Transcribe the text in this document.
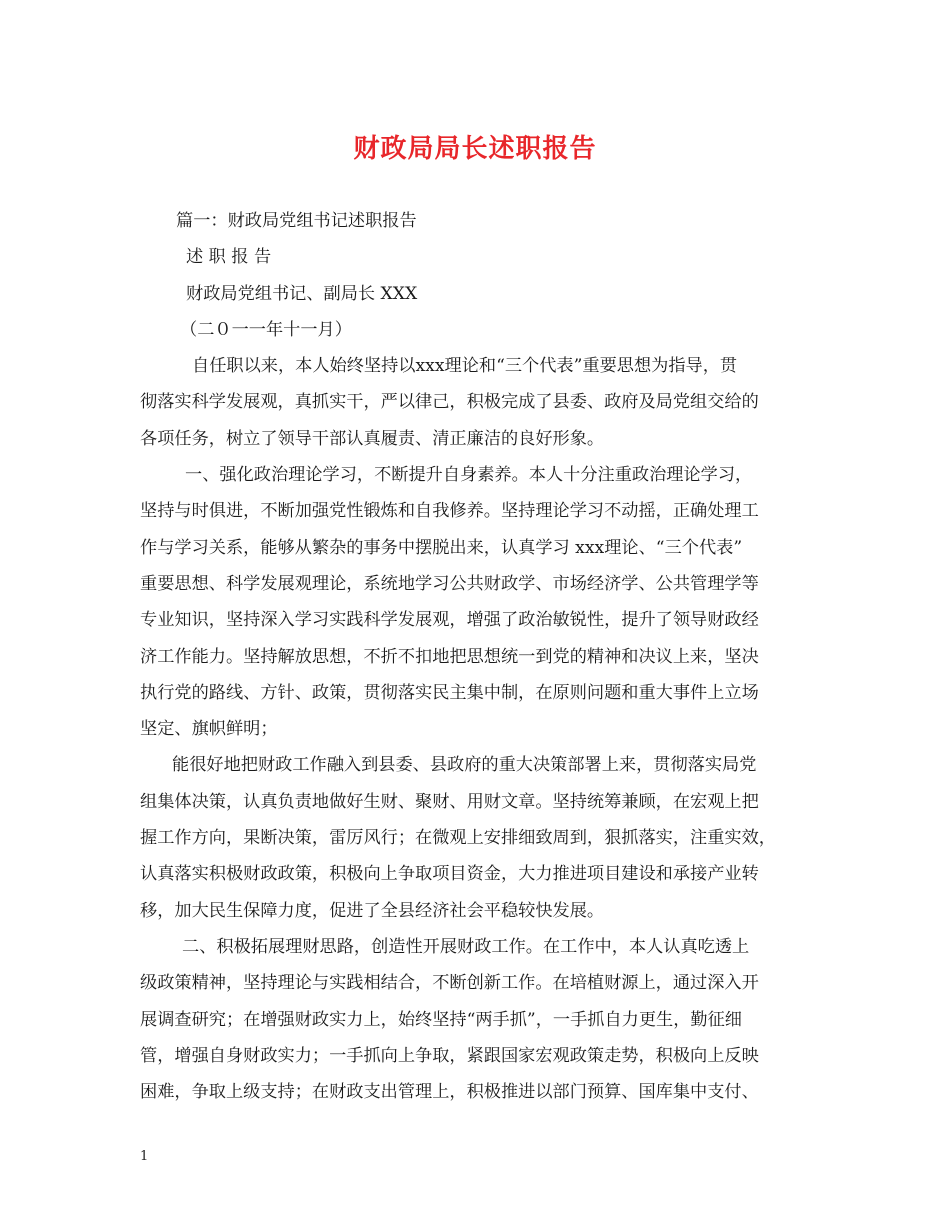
财政局局长述职报告
篇一：财政局党组书记述职报告
述 职 报 告
财政局党组书记、副局长 XXX
（二０一一年十一月）
自任职以来，本人始终坚持以xxx理论和“三个代表”重要思想为指导，贯
彻落实科学发展观，真抓实干，严以律己，积极完成了县委、政府及局党组交给的
各项任务，树立了领导干部认真履责、清正廉洁的良好形象。
一、强化政治理论学习，不断提升自身素养。本人十分注重政治理论学习，
坚持与时俱进，不断加强党性锻炼和自我修养。坚持理论学习不动摇，正确处理工
作与学习关系，能够从繁杂的事务中摆脱出来，认真学习 xxx理论、“三个代表”
重要思想、科学发展观理论，系统地学习公共财政学、市场经济学、公共管理学等
专业知识，坚持深入学习实践科学发展观，增强了政治敏锐性，提升了领导财政经
济工作能力。坚持解放思想，不折不扣地把思想统一到党的精神和决议上来，坚决
执行党的路线、方针、政策，贯彻落实民主集中制，在原则问题和重大事件上立场
坚定、旗帜鲜明；
能很好地把财政工作融入到县委、县政府的重大决策部署上来，贯彻落实局党
组集体决策，认真负责地做好生财、聚财、用财文章。坚持统筹兼顾，在宏观上把
握工作方向，果断决策，雷厉风行；在微观上安排细致周到，狠抓落实，注重实效，
认真落实积极财政政策，积极向上争取项目资金，大力推进项目建设和承接产业转
移，加大民生保障力度，促进了全县经济社会平稳较快发展。
二、积极拓展理财思路，创造性开展财政工作。在工作中，本人认真吃透上
级政策精神，坚持理论与实践相结合，不断创新工作。在培植财源上，通过深入开
展调查研究；在增强财政实力上，始终坚持“两手抓”，一手抓自力更生，勤征细
管，增强自身财政实力；一手抓向上争取，紧跟国家宏观政策走势，积极向上反映
困难，争取上级支持；在财政支出管理上，积极推进以部门预算、国库集中支付、
1
